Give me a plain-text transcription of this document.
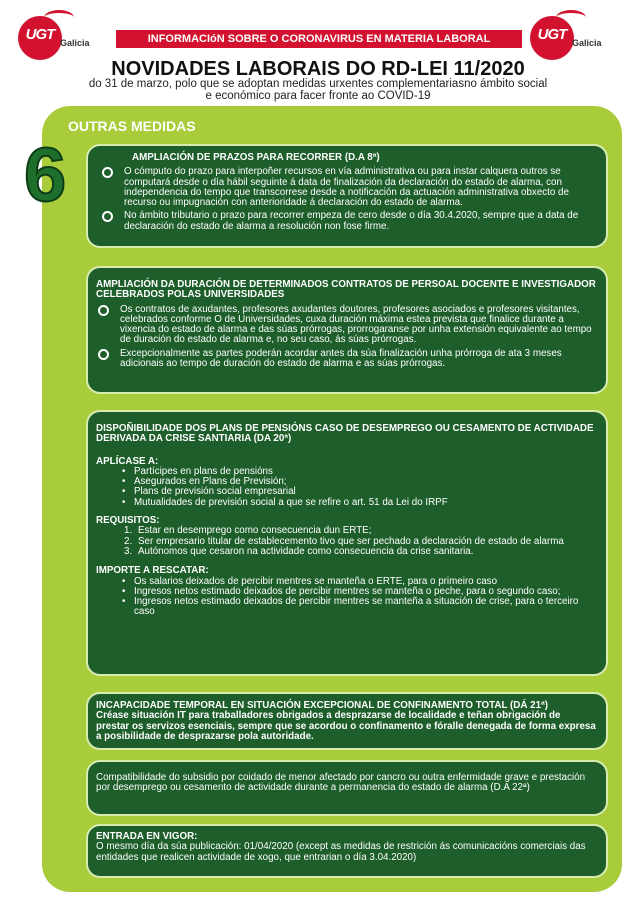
UGT Galicia	INFORMACIóN SOBRE O CORONAVIRUS EN MATERIA LABORAL	UGT Galicia
NOVIDADES LABORAIS DO RD-LEI 11/2020
do 31 de marzo, polo que se adoptan medidas urxentes complementariasno ámbito social
e económico para facer fronte ao COVID-19
OUTRAS MEDIDAS
6	AMPLIACIÓN DE PRAZOS PARA RECORRER (D.A 8ª)
O cómputo do prazo para interpoñer recursos en vía administrativa ou para instar calquera outros se computará desde o día hábil seguinte á data de finalización da declaración do estado de alarma, con independencia do tempo que transcorrese desde a notificación da actuación administrativa obxecto de recurso ou impugnación con anterioridade á declaración do estado de alarma.
No ámbito tributario o prazo para recorrer empeza de cero desde o día 30.4.2020, sempre que a data de declaración do estado de alarma a resolución non fose firme.
AMPLIACIÓN DA DURACIÓN DE DETERMINADOS CONTRATOS DE PERSOAL DOCENTE E INVESTIGADOR CELEBRADOS POLAS UNIVERSIDADES
Os contratos de axudantes, profesores axudantes doutores, profesores asociados e profesores visitantes, celebrados conforme O de Universidades, cuxa duración máxima estea prevista que finalice durante a vixencia do estado de alarma e das súas prórrogas, prorrogaranse por unha extensión equivalente ao tempo de duración do estado de alarma e, no seu caso, ás súas prórrogas.
Excepcionalmente as partes poderán acordar antes da súa finalización unha prórroga de ata 3 meses adicionais ao tempo de duración do estado de alarma e as súas prórrogas.
DISPOÑIBILIDADE DOS PLANS DE PENSIÓNS CASO DE DESEMPREGO OU CESAMENTO DE ACTIVIDADE DERIVADA DA CRISE SANTIARIA (DA 20ª)
APLÍCASE A:
• Partícipes en plans de pensións
• Asegurados en Plans de Previsión;
• Plans de previsión social empresarial
• Mutualidades de previsión social a que se refire o art. 51 da Lei do IRPF
REQUISITOS:
1. Estar en desemprego como consecuencia dun ERTE;
2. Ser empresario titular de establecemento tivo que ser pechado a declaración de estado de alarma
3. Autónomos que cesaron na actividade como consecuencia da crise sanitaria.
IMPORTE A RESCATAR:
• Os salarios deixados de percibir mentres se manteña o ERTE, para o primeiro caso
• Ingresos netos estimado deixados de percibir mentres se manteña o peche, para o segundo caso;
• Ingresos netos estimado deixados de percibir mentres se manteña a situación de crise, para o terceiro caso
INCAPACIDADE TEMPORAL EN SITUACIÓN EXCEPCIONAL DE CONFINAMENTO TOTAL (DÁ 21ª)
Créase situación IT para traballadores obrigados a desprazarse de localidade e teñan obrigación de prestar os servizos esenciais, sempre que se acordou o confinamento e fóralle denegada de forma expresa a posibilidade de desprazarse pola autoridade.
Compatibilidade do subsidio por coidado de menor afectado por cancro ou outra enfermidade grave e prestación por desemprego ou cesamento de actividade durante a permanencia do estado de alarma (D.A 22ª)
ENTRADA EN VIGOR:
O mesmo día da súa publicación: 01/04/2020 (except as medidas de restrición ás comunicacións comerciais das entidades que realicen actividade de xogo, que entrarian o día 3.04.2020)
